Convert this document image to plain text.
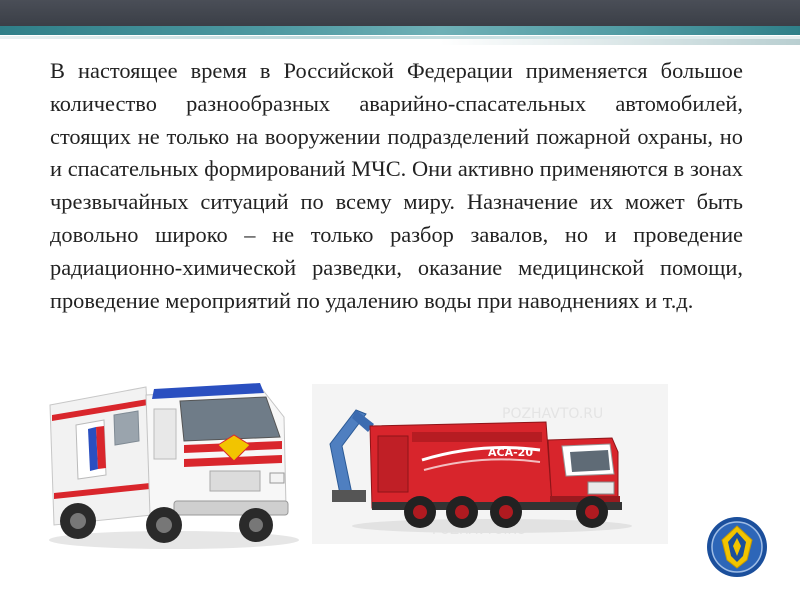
В настоящее время в Российской Федерации применяется большое количество разнообразных аварийно-спасательных автомобилей, стоящих не только на вооружении подразделений пожарной охраны, но и спасательных формирований МЧС. Они активно применяются в зонах чрезвычайных ситуаций по всему миру. Назначение их может быть довольно широко – не только разбор завалов, но и проведение радиационно-химической разведки, оказание медицинской помощи, проведение мероприятий по удалению воды при наводнениях и т.д.

POZHAVTO.RU
АСА-20
